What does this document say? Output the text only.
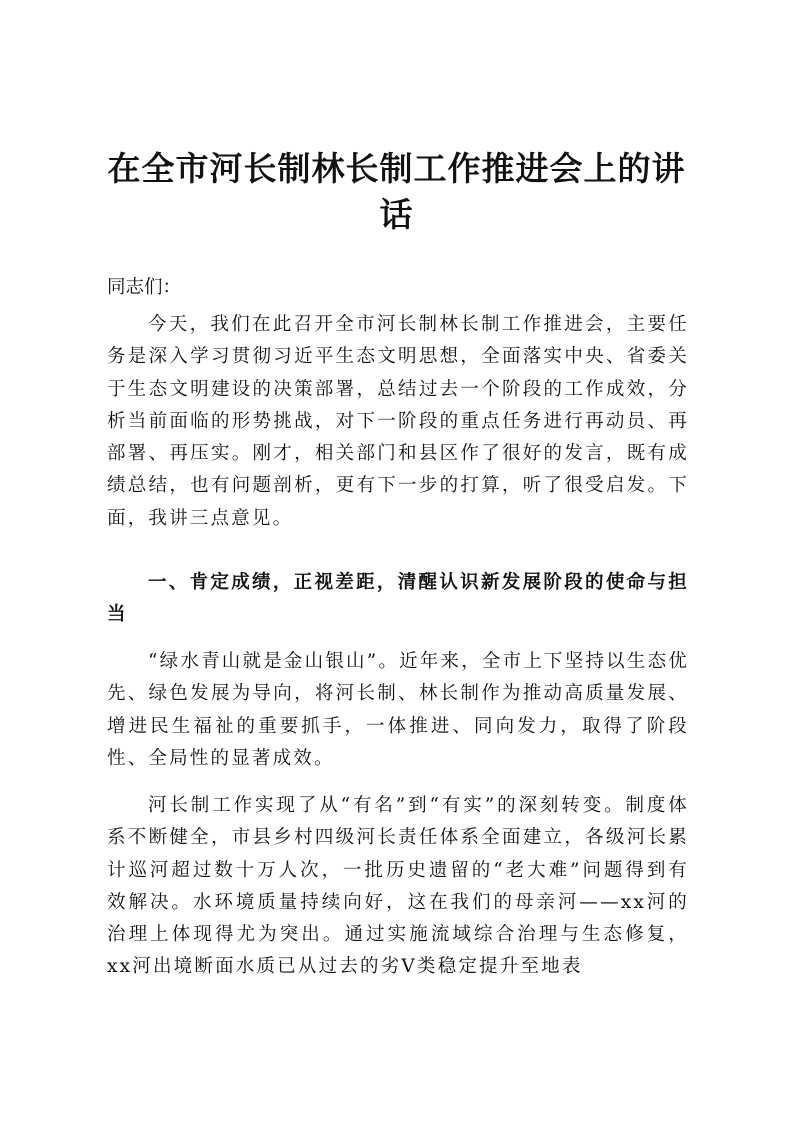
在全市河长制林长制工作推进会上的讲话

同志们：

今天，我们在此召开全市河长制林长制工作推进会，主要任务是深入学习贯彻习近平生态文明思想，全面落实中央、省委关于生态文明建设的决策部署，总结过去一个阶段的工作成效，分析当前面临的形势挑战，对下一阶段的重点任务进行再动员、再部署、再压实。刚才，相关部门和县区作了很好的发言，既有成绩总结，也有问题剖析，更有下一步的打算，听了很受启发。下面，我讲三点意见。

一、肯定成绩，正视差距，清醒认识新发展阶段的使命与担当

“绿水青山就是金山银山”。近年来，全市上下坚持以生态优先、绿色发展为导向，将河长制、林长制作为推动高质量发展、增进民生福祉的重要抓手，一体推进、同向发力，取得了阶段性、全局性的显著成效。

河长制工作实现了从“有名”到“有实”的深刻转变。制度体系不断健全，市县乡村四级河长责任体系全面建立，各级河长累计巡河超过数十万人次，一批历史遗留的“老大难”问题得到有效解决。水环境质量持续向好，这在我们的母亲河——xx河的治理上体现得尤为突出。通过实施流域综合治理与生态修复，xx河出境断面水质已从过去的劣Ⅴ类稳定提升至地表
